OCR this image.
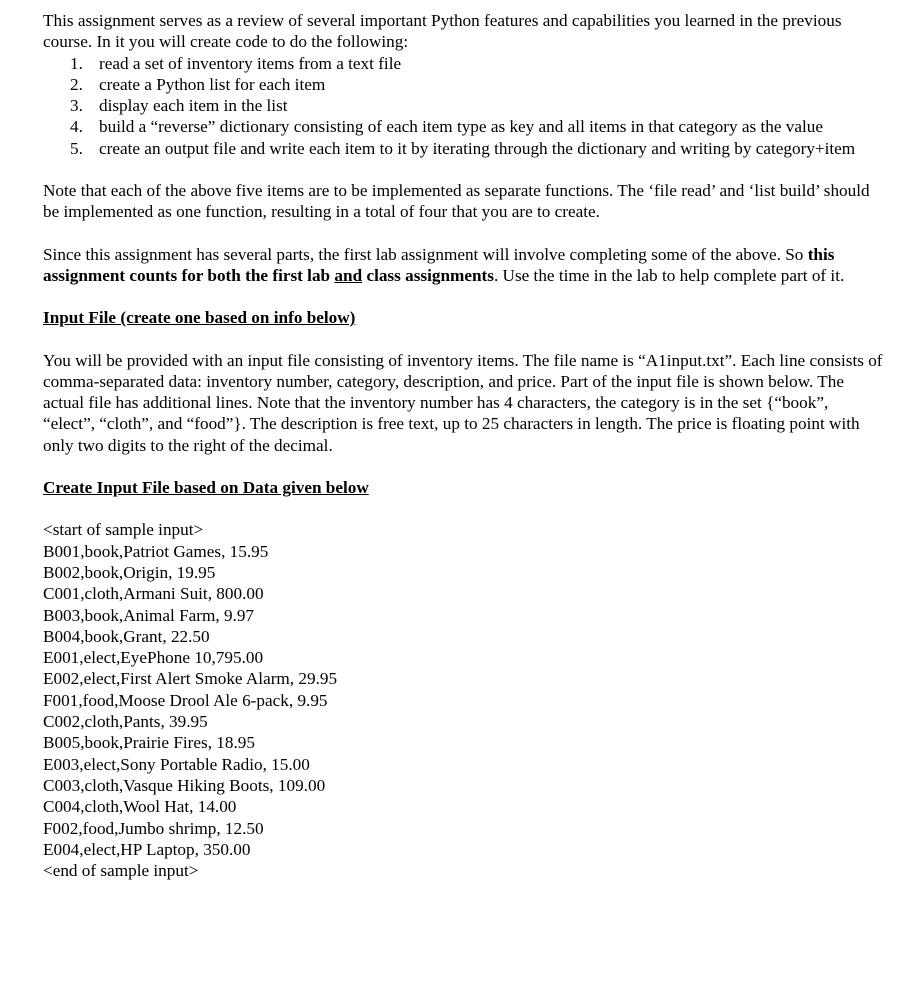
This assignment serves as a review of several important Python features and capabilities you learned in the previous course. In it you will create code to do the following:

1. read a set of inventory items from a text file
2. create a Python list for each item
3. display each item in the list
4. build a “reverse” dictionary consisting of each item type as key and all items in that category as the value
5. create an output file and write each item to it by iterating through the dictionary and writing by category+item

Note that each of the above five items are to be implemented as separate functions. The ‘file read’ and ‘list build’ should be implemented as one function, resulting in a total of four that you are to create.

Since this assignment has several parts, the first lab assignment will involve completing some of the above. So this assignment counts for both the first lab and class assignments. Use the time in the lab to help complete part of it.

Input File (create one based on info below)

You will be provided with an input file consisting of inventory items. The file name is “A1input.txt”. Each line consists of comma-separated data: inventory number, category, description, and price. Part of the input file is shown below. The actual file has additional lines. Note that the inventory number has 4 characters, the category is in the set {“book”, “elect”, “cloth”, and “food”}. The description is free text, up to 25 characters in length. The price is floating point with only two digits to the right of the decimal.

Create Input File based on Data given below

<start of sample input>
B001,book,Patriot Games, 15.95
B002,book,Origin, 19.95
C001,cloth,Armani Suit, 800.00
B003,book,Animal Farm, 9.97
B004,book,Grant, 22.50
E001,elect,EyePhone 10,795.00
E002,elect,First Alert Smoke Alarm, 29.95
F001,food,Moose Drool Ale 6-pack, 9.95
C002,cloth,Pants, 39.95
B005,book,Prairie Fires, 18.95
E003,elect,Sony Portable Radio, 15.00
C003,cloth,Vasque Hiking Boots, 109.00
C004,cloth,Wool Hat, 14.00
F002,food,Jumbo shrimp, 12.50
E004,elect,HP Laptop, 350.00
<end of sample input>
